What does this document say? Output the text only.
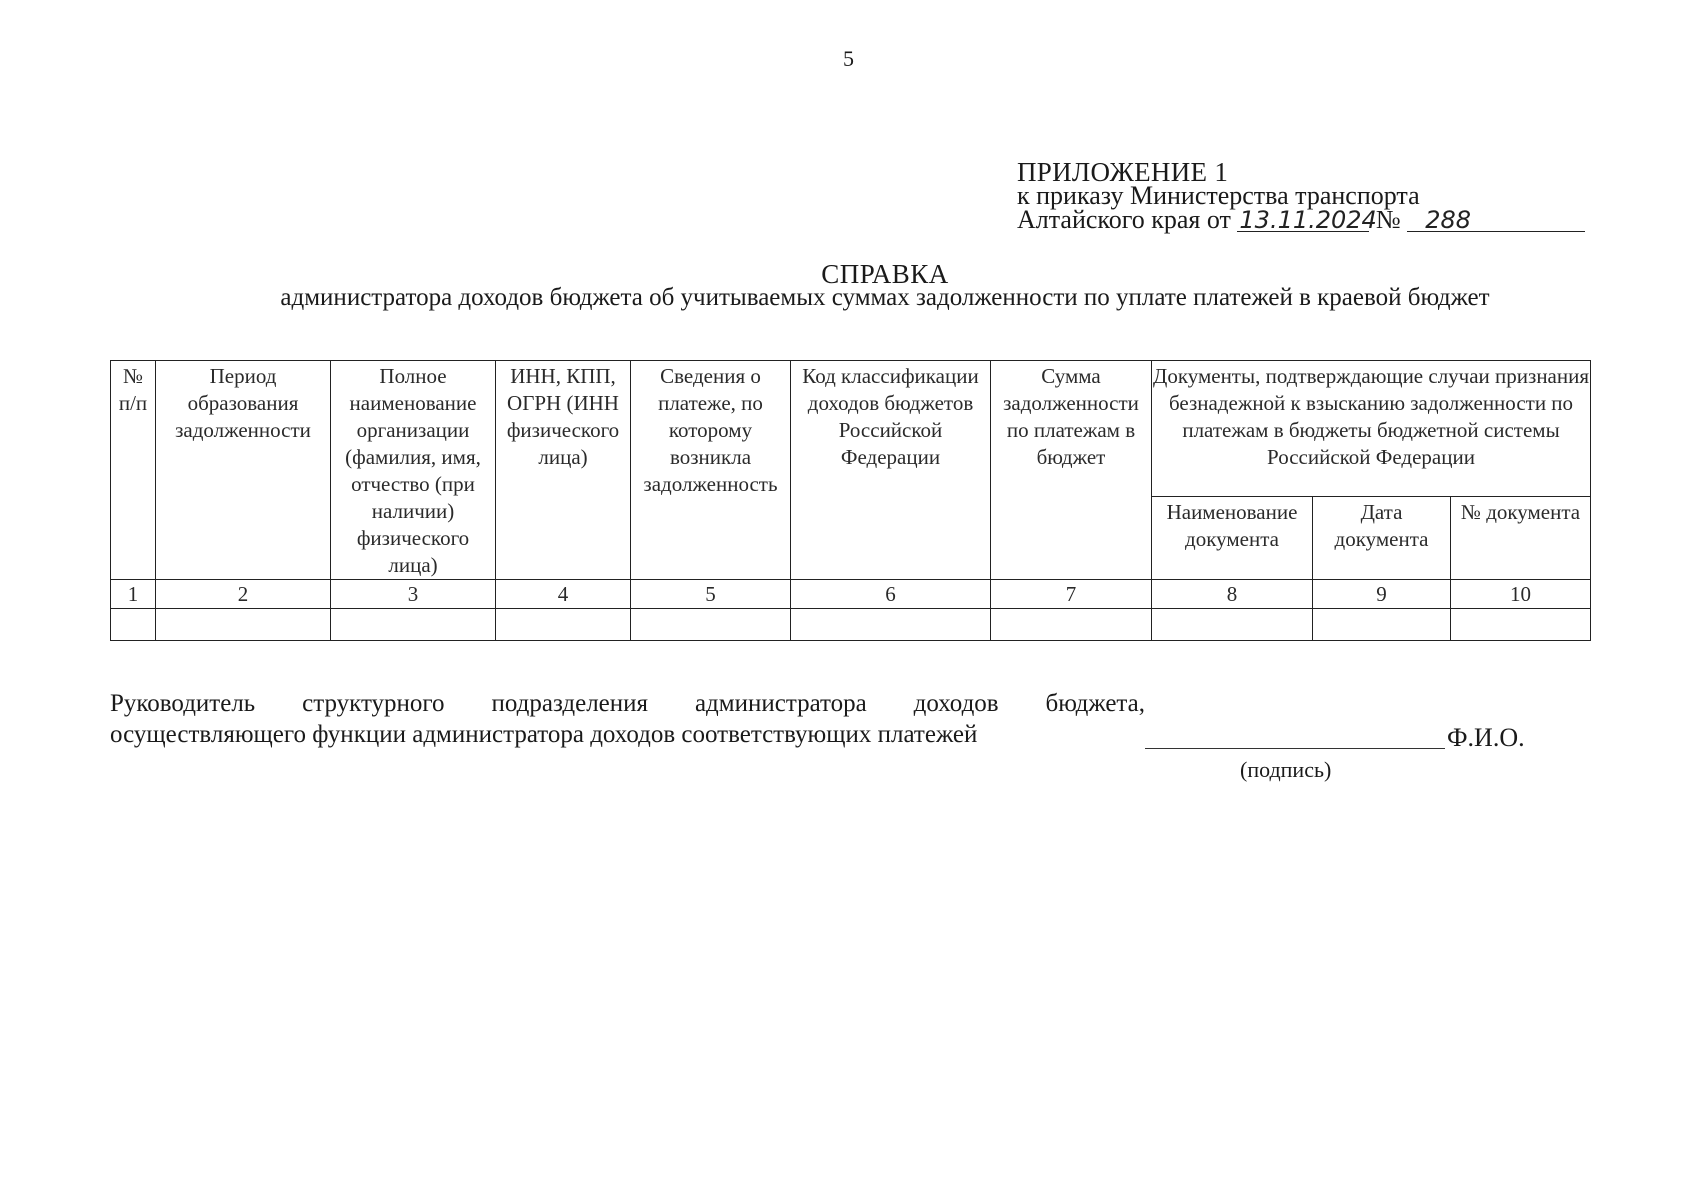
5
ПРИЛОЖЕНИЕ 1
к приказу Министерства транспорта
Алтайского края от 13.11.2024 № 288
СПРАВКА
администратора доходов бюджета об учитываемых суммах задолженности по уплате платежей в краевой бюджет
№ п/п	Период образования задолженности	Полное наименование организации (фамилия, имя, отчество (при наличии) физического лица)	ИНН, КПП, ОГРН (ИНН физического лица)	Сведения о платеже, по которому возникла задолженность	Код классификации доходов бюджетов Российской Федерации	Сумма задолженности по платежам в бюджет	Документы, подтверждающие случаи признания безнадежной к взысканию задолженности по платежам в бюджеты бюджетной системы Российской Федерации		
							Наименование документа	Дата документа	№ документа
1	2	3	4	5	6	7	8	9	10

Руководитель структурного подразделения администратора доходов бюджета,
осуществляющего функции администратора доходов соответствующих платежей
(подпись)
Ф.И.О.
